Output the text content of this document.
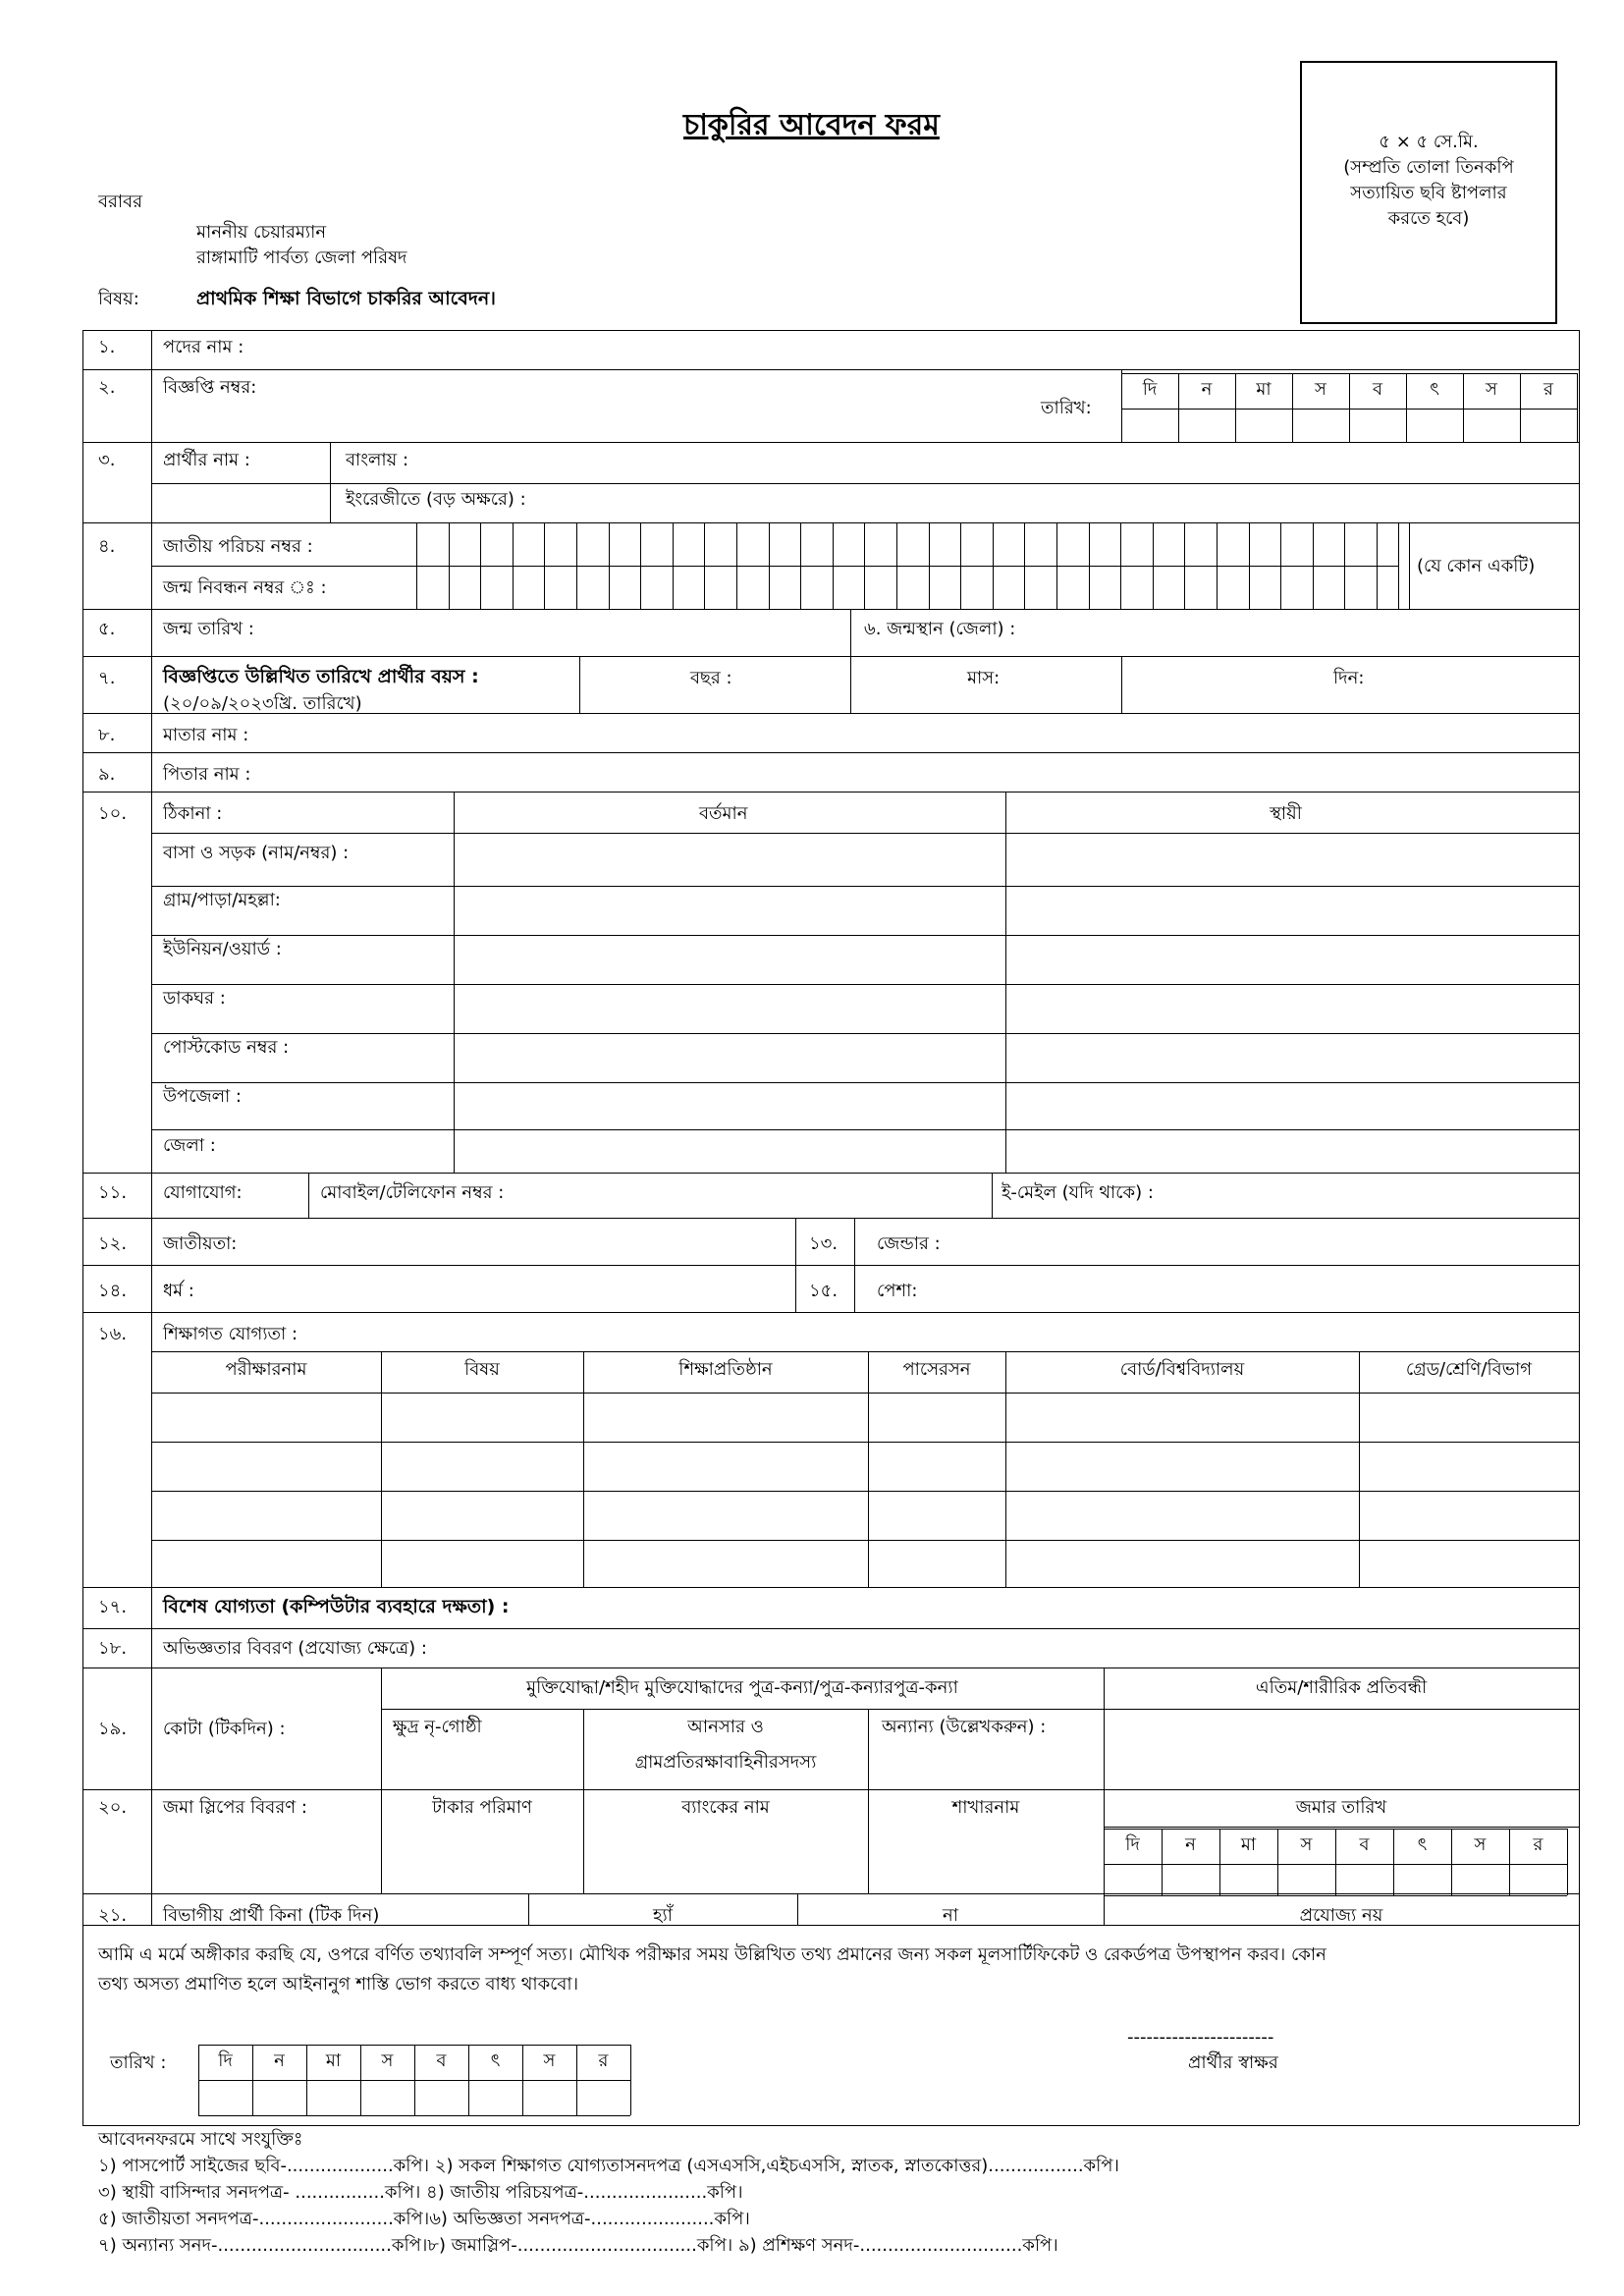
চাকুরির আবেদন ফরম	৫ × ৫ সে.মি.
(সম্প্রতি তোলা তিনকপি
সত্যায়িত ছবি ষ্টাপলার
করতে হবে)
বরাবর
মাননীয় চেয়ারম্যান
রাঙ্গামাটি পার্বত্য জেলা পরিষদ
বিষয়:	প্রাথমিক শিক্ষা বিভাগে চাকরির আবেদন।
১.	পদের নাম :
২.	বিজ্ঞপ্তি নম্বর:
তারিখ:
দি	ন	মা	স	ব	ৎ	স	র
৩.	প্রার্থীর নাম :	বাংলায় :
ইংরেজীতে (বড় অক্ষরে) :
৪.	জাতীয় পরিচয় নম্বর :
জন্ম নিবন্ধন নম্বর ঃ :
(যে কোন একটি)
৫.	জন্ম তারিখ :	৬. জন্মস্থান (জেলা) :
৭.	বিজ্ঞপ্তিতে উল্লিখিত তারিখে প্রার্থীর বয়স :
(২০/০৯/২০২৩খ্রি. তারিখে)
বছর :	মাস:	দিন:
৮.	মাতার নাম :
৯.	পিতার নাম :
১০. ঠিকানা :	বর্তমান	স্থায়ী
বাসা ও সড়ক (নাম/নম্বর) :
গ্রাম/পাড়া/মহল্লা:
ইউনিয়ন/ওয়ার্ড :
ডাকঘর :
পোস্টকোড নম্বর :
উপজেলা :
জেলা :
১১. যোগাযোগ:	মোবাইল/টেলিফোন নম্বর :	ই-মেইল (যদি থাকে) :
১২. জাতীয়তা:	১৩. জেন্ডার :
১৪. ধর্ম :	১৫. পেশা:
১৬. শিক্ষাগত যোগ্যতা :
পরীক্ষারনাম	বিষয়	শিক্ষাপ্রতিষ্ঠান	পাসেরসন	বোর্ড/বিশ্ববিদ্যালয়	গ্রেড/শ্রেণি/বিভাগ
১৭. বিশেষ যোগ্যতা (কম্পিউটার ব্যবহারে দক্ষতা) :
১৮. অভিজ্ঞতার বিবরণ (প্রযোজ্য ক্ষেত্রে) :
১৯. কোটা (টিকদিন) :
মুক্তিযোদ্ধা/শহীদ মুক্তিযোদ্ধাদের পুত্র-কন্যা/পুত্র-কন্যারপুত্র-কন্যা	এতিম/শারীরিক প্রতিবন্ধী
ক্ষুদ্র নৃ-গোষ্ঠী	আনসার ও
গ্রামপ্রতিরক্ষাবাহিনীরসদস্য
অন্যান্য (উল্লেখকরুন) :
২০. জমা স্লিপের বিবরণ :	টাকার পরিমাণ	ব্যাংকের নাম	শাখারনাম	জমার তারিখ
দি	ন	মা	স	ব	ৎ	স	র
২১. বিভাগীয় প্রার্থী কিনা (টিক দিন)	হ্যাঁ	না	প্রযোজ্য নয়
আমি এ মর্মে অঙ্গীকার করছি যে, ওপরে বর্ণিত তথ্যাবলি সম্পূর্ণ সত্য। মৌখিক পরীক্ষার সময় উল্লিখিত তথ্য প্রমানের জন্য সকল মূলসার্টিফিকেট ও রেকর্ডপত্র উপস্থাপন করব। কোন
তথ্য অসত্য প্রমাণিত হলে আইনানুগ শাস্তি ভোগ করতে বাধ্য থাকবো।
তারিখ :	দি	ন	মা	স	ব	ৎ	স	র
-----------------------
প্রার্থীর স্বাক্ষর
আবেদনফরমে সাথে সংযুক্তিঃ
১) পাসপোর্ট সাইজের ছবি-...................কপি। ২) সকল শিক্ষাগত যোগ্যতাসনদপত্র (এসএসসি,এইচএসসি, স্নাতক, স্নাতকোত্তর).................কপি।
৩) স্থায়ী বাসিন্দার সনদপত্র- ................কপি। ৪) জাতীয় পরিচয়পত্র-......................কপি।
৫) জাতীয়তা সনদপত্র-........................কপি।৬) অভিজ্ঞতা সনদপত্র-......................কপি।
৭) অন্যান্য সনদ-...............................কপি।৮) জমাস্লিপ-................................কপি। ৯) প্রশিক্ষণ সনদ-.............................কপি।
